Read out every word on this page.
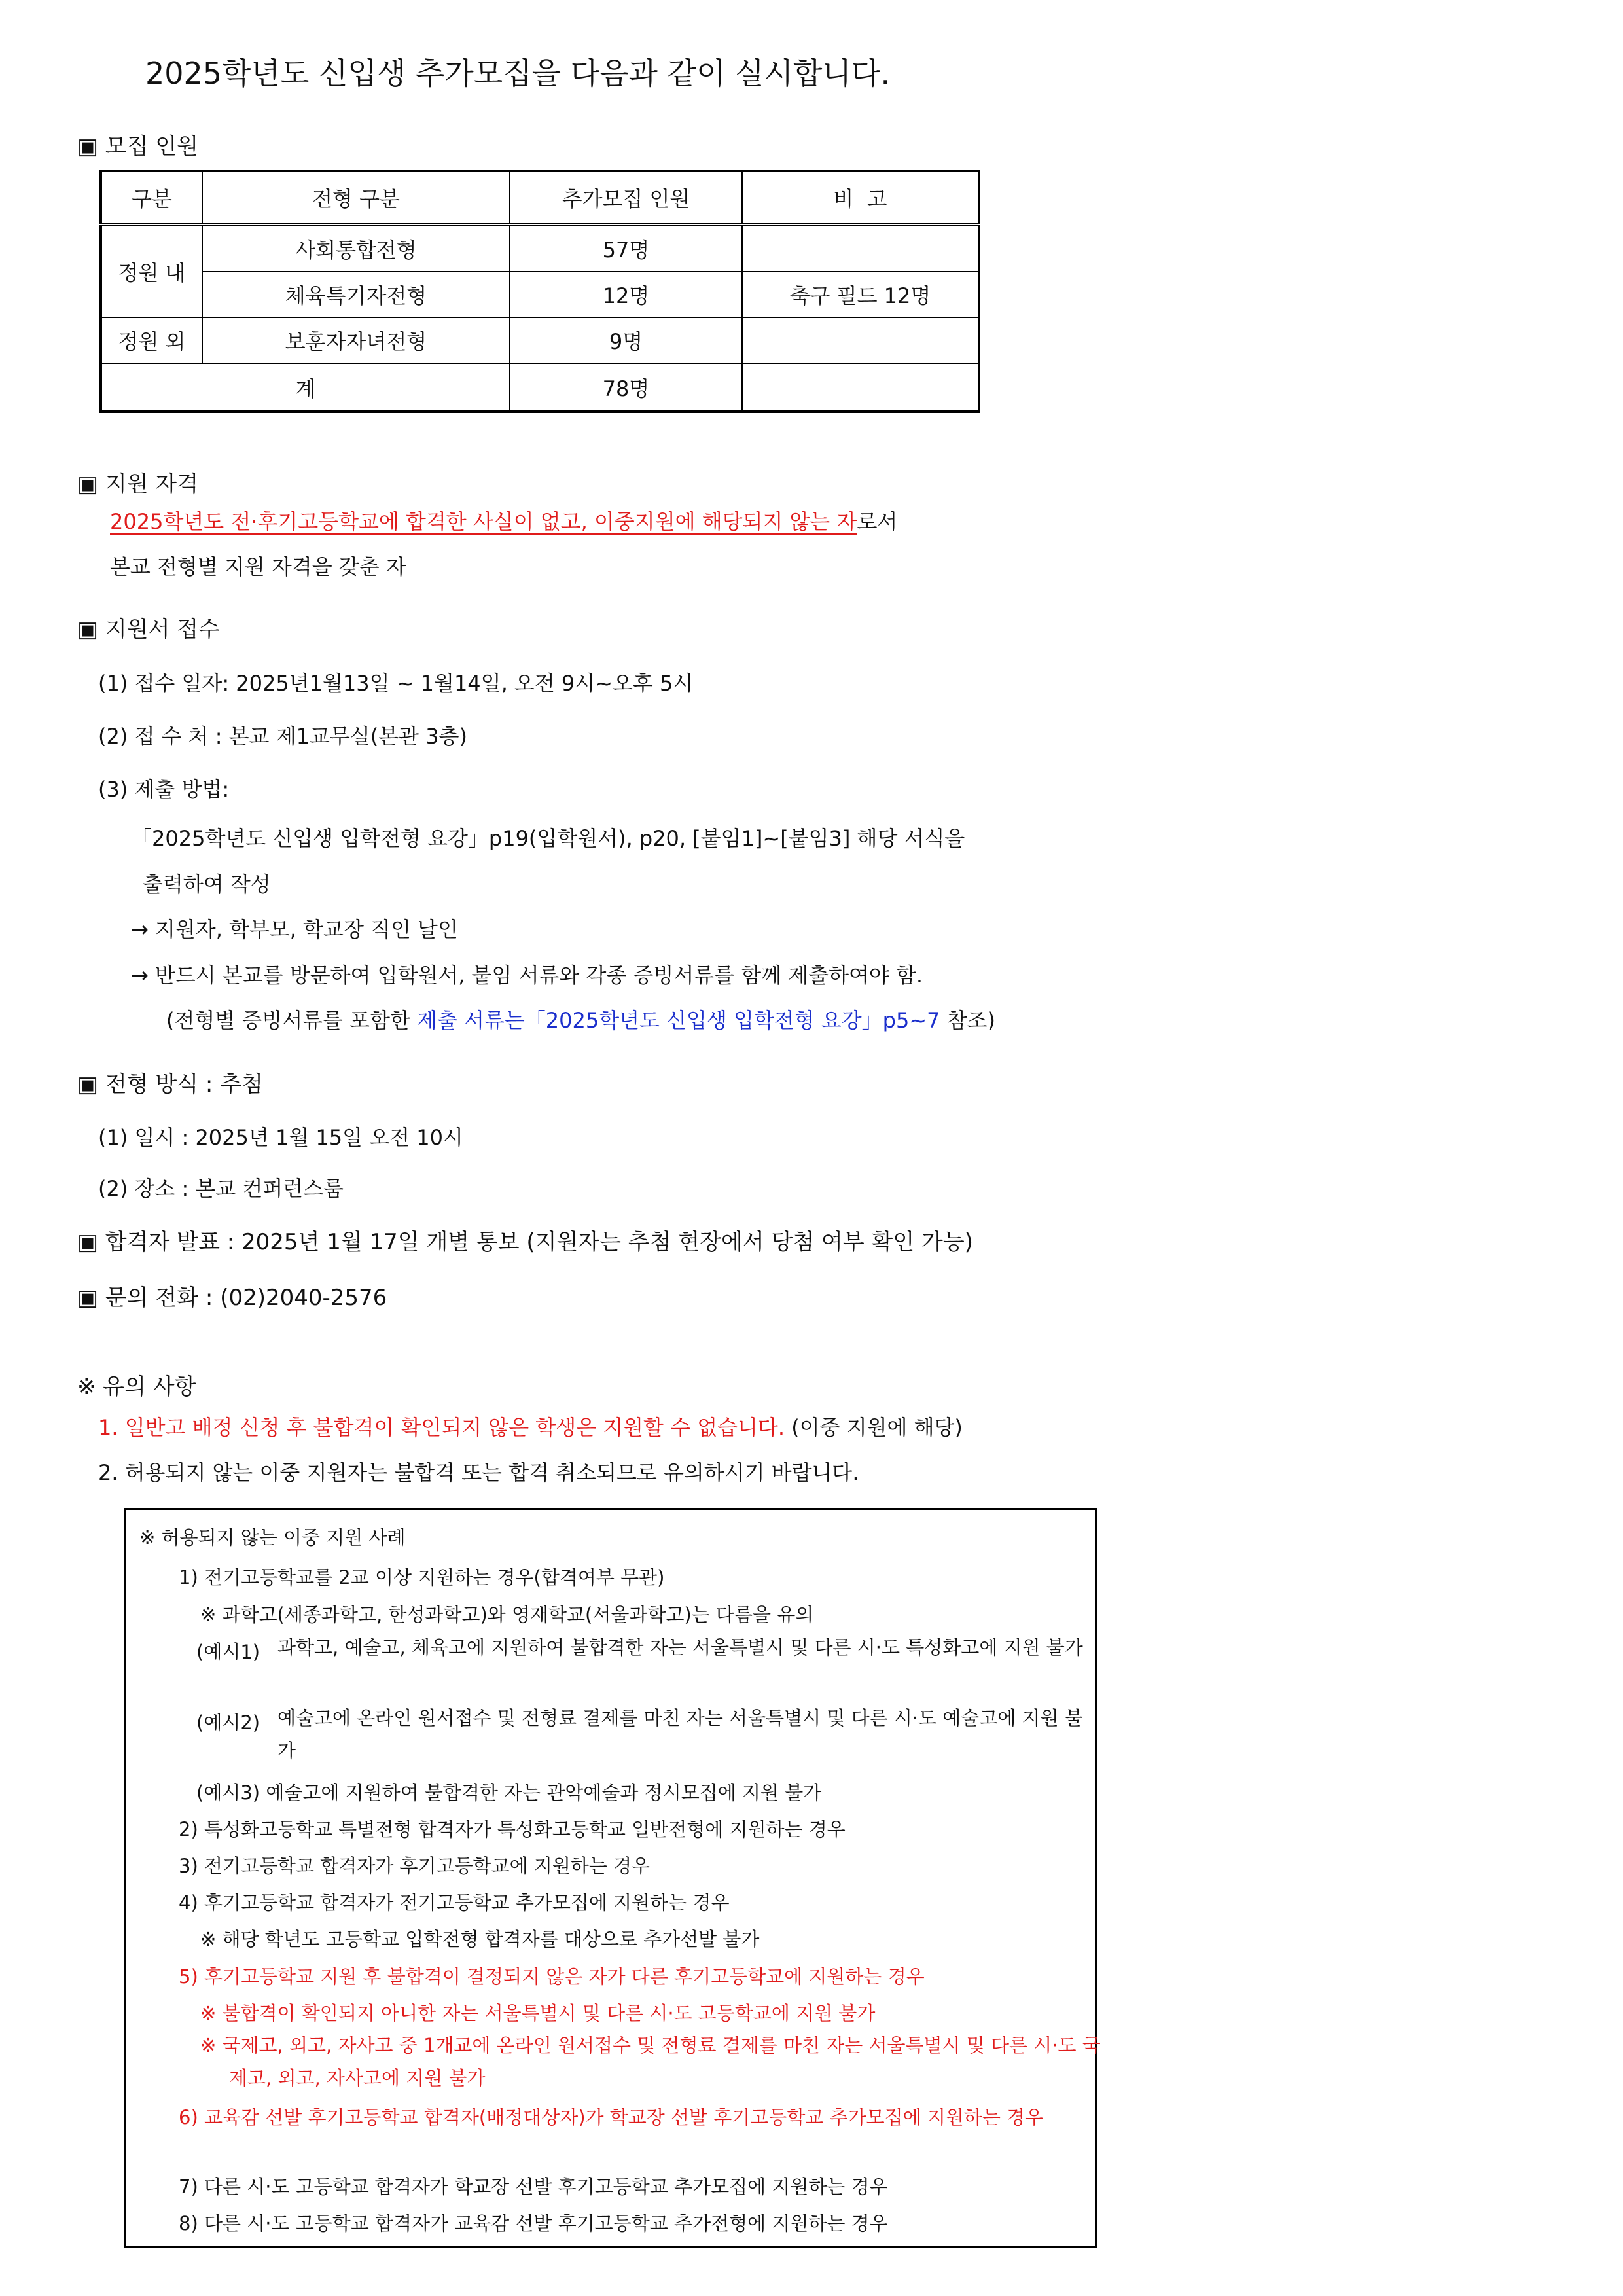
2025학년도 신입생 추가모집을 다음과 같이 실시합니다.
▣ 모집 인원
구분	전형 구분	추가모집 인원	비  고
정원 내	사회통합전형	57명	
	체육특기자전형	12명	축구 필드 12명
정원 외	보훈자자녀전형	9명	
계		78명	
▣ 지원 자격
2025학년도 전·후기고등학교에 합격한 사실이 없고, 이중지원에 해당되지 않는 자로서
본교 전형별 지원 자격을 갖춘 자
▣ 지원서 접수
(1) 접수 일자: 2025년1월13일 ~ 1월14일, 오전 9시~오후 5시
(2) 접 수 처 : 본교 제1교무실(본관 3층)
(3) 제출 방법:
「2025학년도 신입생 입학전형 요강」p19(입학원서), p20, [붙임1]~[붙임3] 해당 서식을
출력하여 작성
→ 지원자, 학부모, 학교장 직인 날인
→ 반드시 본교를 방문하여 입학원서, 붙임 서류와 각종 증빙서류를 함께 제출하여야 함.
(전형별 증빙서류를 포함한 제출 서류는「2025학년도 신입생 입학전형 요강」p5~7 참조)
▣ 전형 방식 : 추첨
(1) 일시 : 2025년 1월 15일 오전 10시
(2) 장소 : 본교 컨퍼런스룸
▣ 합격자 발표 : 2025년 1월 17일 개별 통보 (지원자는 추첨 현장에서 당첨 여부 확인 가능)
▣ 문의 전화 : (02)2040-2576
※ 유의 사항
1. 일반고 배정 신청 후 불합격이 확인되지 않은 학생은 지원할 수 없습니다. (이중 지원에 해당)
2. 허용되지 않는 이중 지원자는 불합격 또는 합격 취소되므로 유의하시기 바랍니다.
※ 허용되지 않는 이중 지원 사례
1) 전기고등학교를 2교 이상 지원하는 경우(합격여부 무관)
※ 과학고(세종과학고, 한성과학고)와 영재학교(서울과학고)는 다름을 유의
(예시1) 과학고, 예술고, 체육고에 지원하여 불합격한 자는 서울특별시 및 다른 시·도 특성화고에 지원 불가
(예시2) 예술고에 온라인 원서접수 및 전형료 결제를 마친 자는 서울특별시 및 다른 시·도 예술고에 지원 불가
(예시3) 예술고에 지원하여 불합격한 자는 관악예술과 정시모집에 지원 불가
2) 특성화고등학교 특별전형 합격자가 특성화고등학교 일반전형에 지원하는 경우
3) 전기고등학교 합격자가 후기고등학교에 지원하는 경우
4) 후기고등학교 합격자가 전기고등학교 추가모집에 지원하는 경우
※ 해당 학년도 고등학교 입학전형 합격자를 대상으로 추가선발 불가
5) 후기고등학교 지원 후 불합격이 결정되지 않은 자가 다른 후기고등학교에 지원하는 경우
※ 불합격이 확인되지 아니한 자는 서울특별시 및 다른 시·도 고등학교에 지원 불가
※ 국제고, 외고, 자사고 중 1개교에 온라인 원서접수 및 전형료 결제를 마친 자는 서울특별시 및 다른 시·도 국제고, 외고, 자사고에 지원 불가
6) 교육감 선발 후기고등학교 합격자(배정대상자)가 학교장 선발 후기고등학교 추가모집에 지원하는 경우
7) 다른 시·도 고등학교 합격자가 학교장 선발 후기고등학교 추가모집에 지원하는 경우
8) 다른 시·도 고등학교 합격자가 교육감 선발 후기고등학교 추가전형에 지원하는 경우
